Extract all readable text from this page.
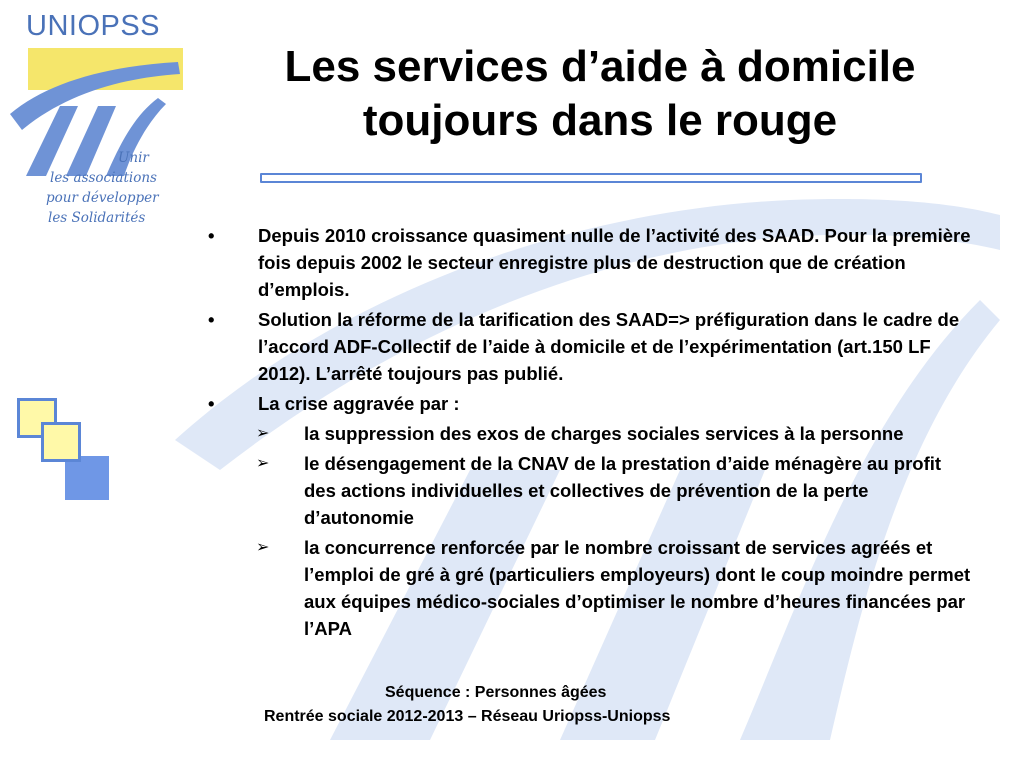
UNIOPSS
Unir
les associations
pour développer
les Solidarités
Les services d’aide à domicile
toujours dans le rouge
• Depuis 2010 croissance quasiment nulle de l’activité des SAAD. Pour la première fois depuis 2002 le secteur enregistre plus de destruction que de création d’emplois.
• Solution la réforme de la tarification des SAAD=> préfiguration dans le cadre de l’accord ADF-Collectif de l’aide à domicile et de l’expérimentation (art.150 LF 2012). L’arrêté toujours pas publié.
• La crise aggravée par :
➢ la suppression des exos de charges sociales services à la personne
➢ le désengagement de la CNAV de la prestation d’aide ménagère au profit des actions individuelles et collectives de prévention de la perte d’autonomie
➢ la concurrence renforcée par le nombre croissant de services agréés et l’emploi de gré à gré (particuliers employeurs) dont le coup moindre permet aux équipes médico-sociales d’optimiser le nombre d’heures financées par l’APA
Séquence : Personnes âgées
Rentrée sociale 2012-2013 – Réseau Uriopss-Uniopss
